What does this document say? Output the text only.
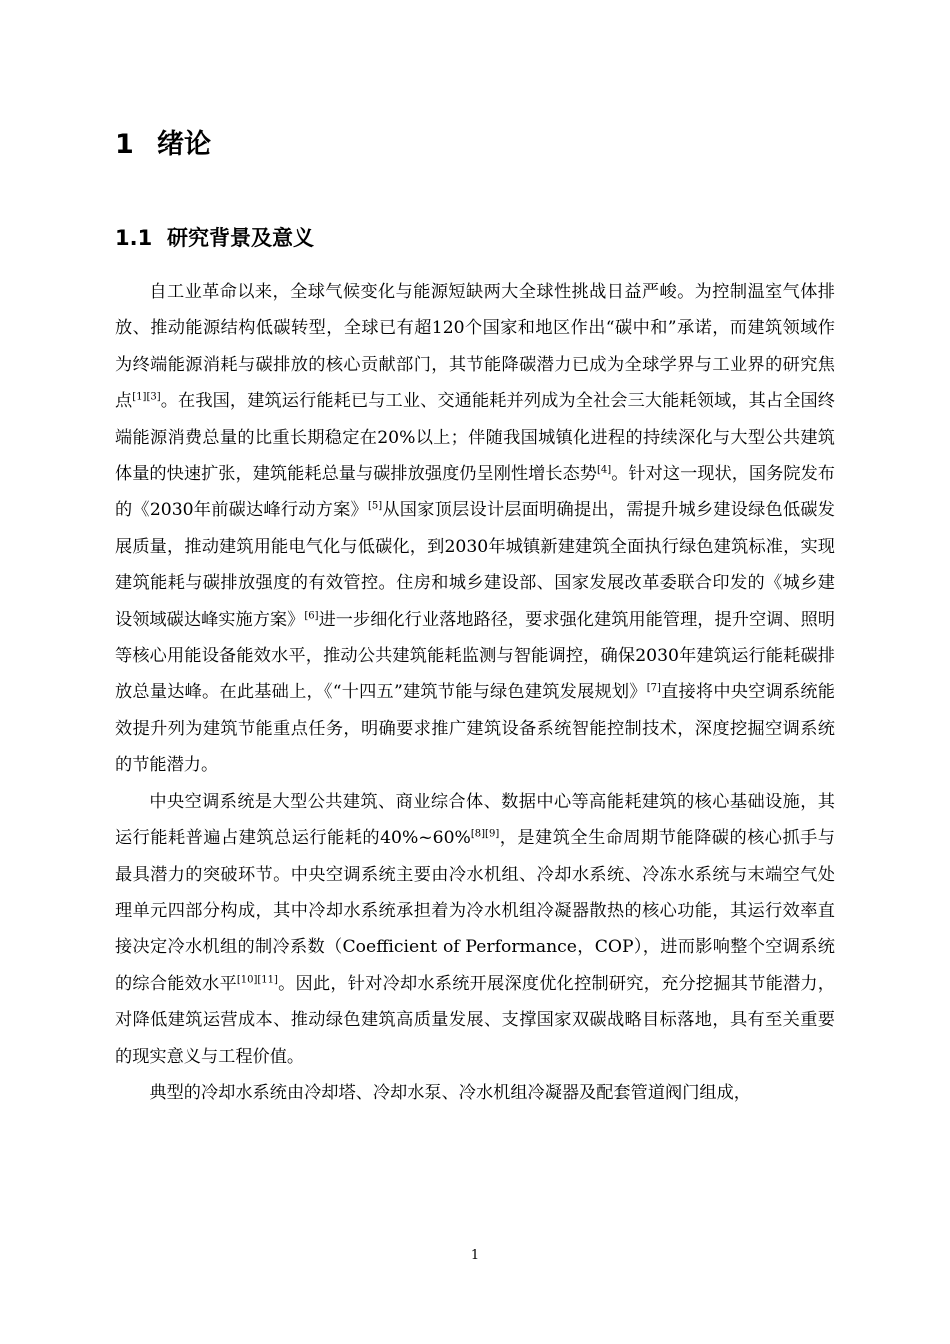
1 绪论
1.1 研究背景及意义

自工业革命以来，全球气候变化与能源短缺两大全球性挑战日益严峻。为控制温室气体排放、推动能源结构低碳转型，全球已有超120个国家和地区作出“碳中和”承诺，而建筑领域作为终端能源消耗与碳排放的核心贡献部门，其节能降碳潜力已成为全球学界与工业界的研究焦点[1][3]。在我国，建筑运行能耗已与工业、交通能耗并列成为全社会三大能耗领域，其占全国终端能源消费总量的比重长期稳定在20%以上；伴随我国城镇化进程的持续深化与大型公共建筑体量的快速扩张，建筑能耗总量与碳排放强度仍呈刚性增长态势[4]。针对这一现状，国务院发布的《2030年前碳达峰行动方案》[5]从国家顶层设计层面明确提出，需提升城乡建设绿色低碳发展质量，推动建筑用能电气化与低碳化，到2030年城镇新建建筑全面执行绿色建筑标准，实现建筑能耗与碳排放强度的有效管控。住房和城乡建设部、国家发展改革委联合印发的《城乡建设领域碳达峰实施方案》[6]进一步细化行业落地路径，要求强化建筑用能管理，提升空调、照明等核心用能设备能效水平，推动公共建筑能耗监测与智能调控，确保2030年建筑运行能耗碳排放总量达峰。在此基础上，《“十四五”建筑节能与绿色建筑发展规划》[7]直接将中央空调系统能效提升列为建筑节能重点任务，明确要求推广建筑设备系统智能控制技术，深度挖掘空调系统的节能潜力。

中央空调系统是大型公共建筑、商业综合体、数据中心等高能耗建筑的核心基础设施，其运行能耗普遍占建筑总运行能耗的40%~60%[8][9]，是建筑全生命周期节能降碳的核心抓手与最具潜力的突破环节。中央空调系统主要由冷水机组、冷却水系统、冷冻水系统与末端空气处理单元四部分构成，其中冷却水系统承担着为冷水机组冷凝器散热的核心功能，其运行效率直接决定冷水机组的制冷系数（Coefficient of Performance，COP），进而影响整个空调系统的综合能效水平[10][11]。因此，针对冷却水系统开展深度优化控制研究，充分挖掘其节能潜力，对降低建筑运营成本、推动绿色建筑高质量发展、支撑国家双碳战略目标落地，具有至关重要的现实意义与工程价值。

典型的冷却水系统由冷却塔、冷却水泵、冷水机组冷凝器及配套管道阀门组成，

1
